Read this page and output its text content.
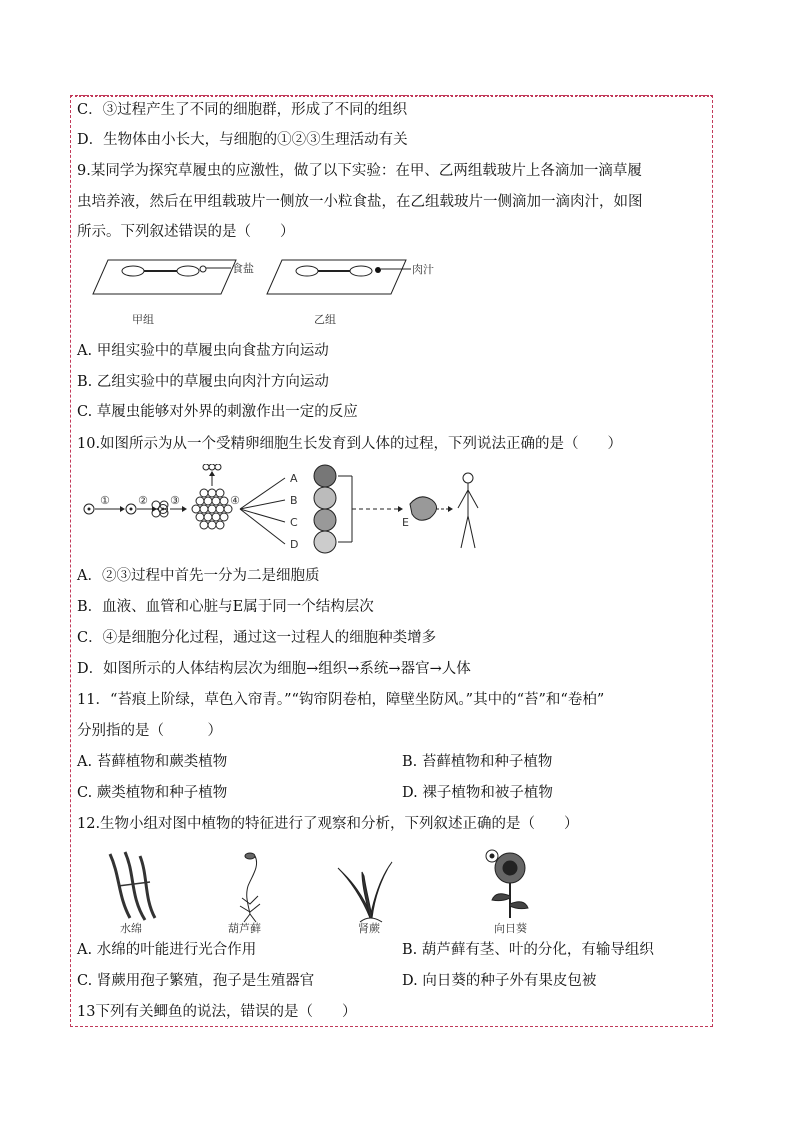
C．③过程产生了不同的细胞群，形成了不同的组织
D．生物体由小长大，与细胞的①②③生理活动有关
9.某同学为探究草履虫的应激性，做了以下实验：在甲、乙两组载玻片上各滴加一滴草履
虫培养液，然后在甲组载玻片一侧放一小粒食盐，在乙组载玻片一侧滴加一滴肉汁，如图
所示。下列叙述错误的是（　　）
食盐	肉汁
甲组	乙组
A. 甲组实验中的草履虫向食盐方向运动
B. 乙组实验中的草履虫向肉汁方向运动
C. 草履虫能够对外界的刺激作出一定的反应
10.如图所示为从一个受精卵细胞生长发育到人体的过程，下列说法正确的是（　　）
①	② ③	④
A
B
C
D
E
A．②③过程中首先一分为二是细胞质
B．血液、血管和心脏与E属于同一个结构层次
C．④是细胞分化过程，通过这一过程人的细胞种类增多
D．如图所示的人体结构层次为细胞→组织→系统→器官→人体
11．“苔痕上阶绿，草色入帘青。”“钩帘阴卷柏，障壁坐防风。”其中的“苔”和“卷柏”
分别指的是（　　　）
A. 苔藓植物和蕨类植物	B. 苔藓植物和种子植物
C. 蕨类植物和种子植物	D. 裸子植物和被子植物
12.生物小组对图中植物的特征进行了观察和分析，下列叙述正确的是（　　）
水绵	葫芦藓	肾蕨	向日葵
A. 水绵的叶能进行光合作用	B. 葫芦藓有茎、叶的分化，有输导组织
C. 肾蕨用孢子繁殖，孢子是生殖器官	D. 向日葵的种子外有果皮包被
13下列有关鲫鱼的说法，错误的是（　　）
